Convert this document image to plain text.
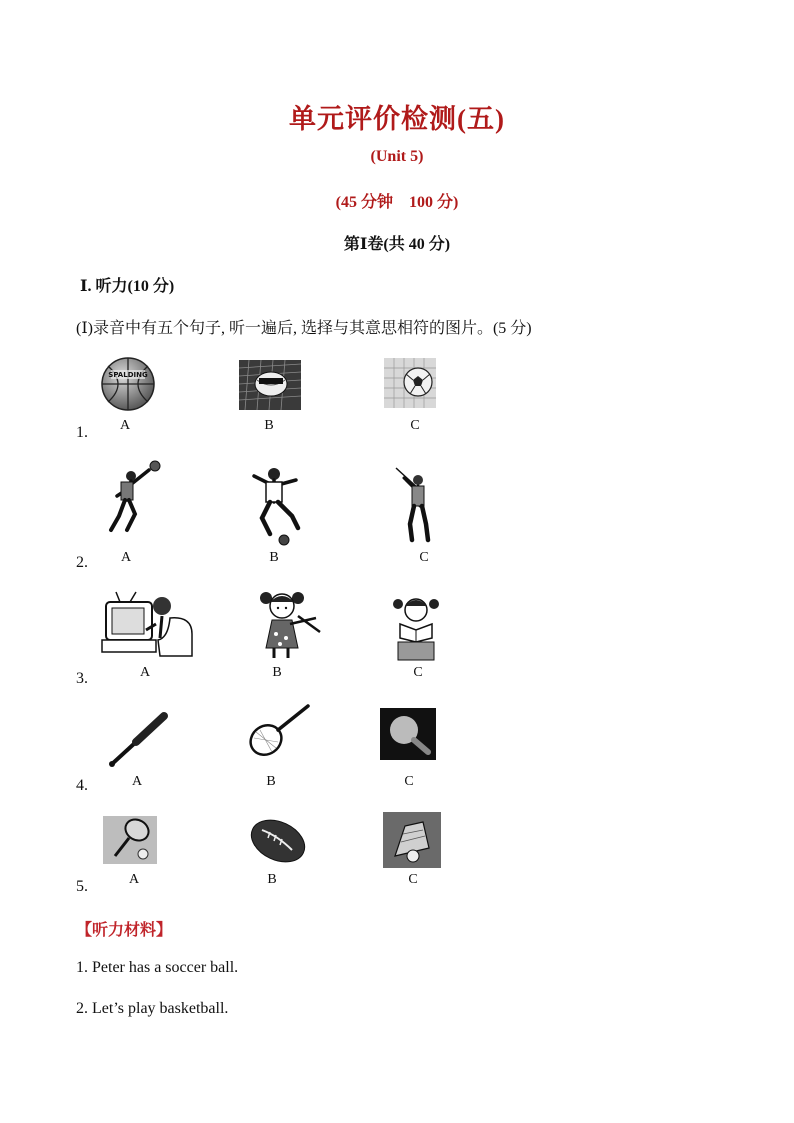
单元评价检测(五)
(Unit 5)
(45 分钟    100 分)
第Ⅰ卷(共 40 分)
Ⅰ. 听力(10 分)
(Ⅰ)录音中有五个句子, 听一遍后, 选择与其意思相符的图片。(5 分)
1.
2.
3.
4.
5.
SPALDING
A	B	C
A	B	C
A	B	C
A	B	C
A	B	C
【听力材料】
1. Peter has a soccer ball.
2. Let’s play basketball.
